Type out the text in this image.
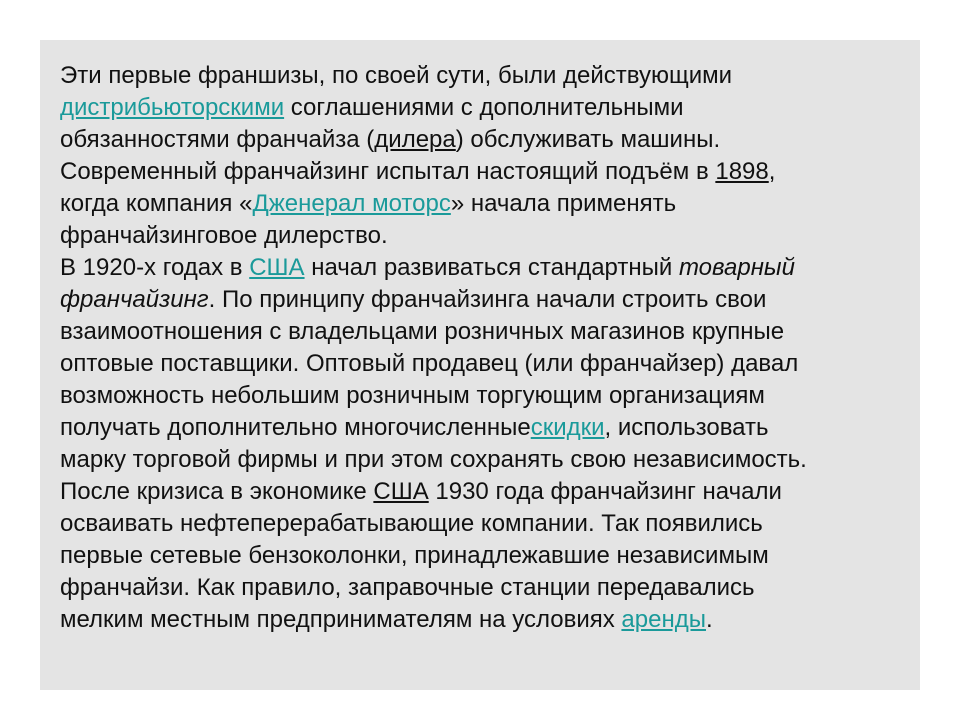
Эти первые франшизы, по своей сути, были действующими
дистрибьюторскими соглашениями с дополнительными
обязанностями франчайза (дилера) обслуживать машины.
Современный франчайзинг испытал настоящий подъём в 1898,
когда компания «Дженерал моторс» начала применять
франчайзинговое дилерство.
В 1920-х годах в США начал развиваться стандартный товарный
франчайзинг. По принципу франчайзинга начали строить свои
взаимоотношения с владельцами розничных магазинов крупные
оптовые поставщики. Оптовый продавец (или франчайзер) давал
возможность небольшим розничным торгующим организациям
получать дополнительно многочисленныескидки, использовать
марку торговой фирмы и при этом сохранять свою независимость.
После кризиса в экономике США 1930 года франчайзинг начали
осваивать нефтеперерабатывающие компании. Так появились
первые сетевые бензоколонки, принадлежавшие независимым
франчайзи. Как правило, заправочные станции передавались
мелким местным предпринимателям на условиях аренды.
